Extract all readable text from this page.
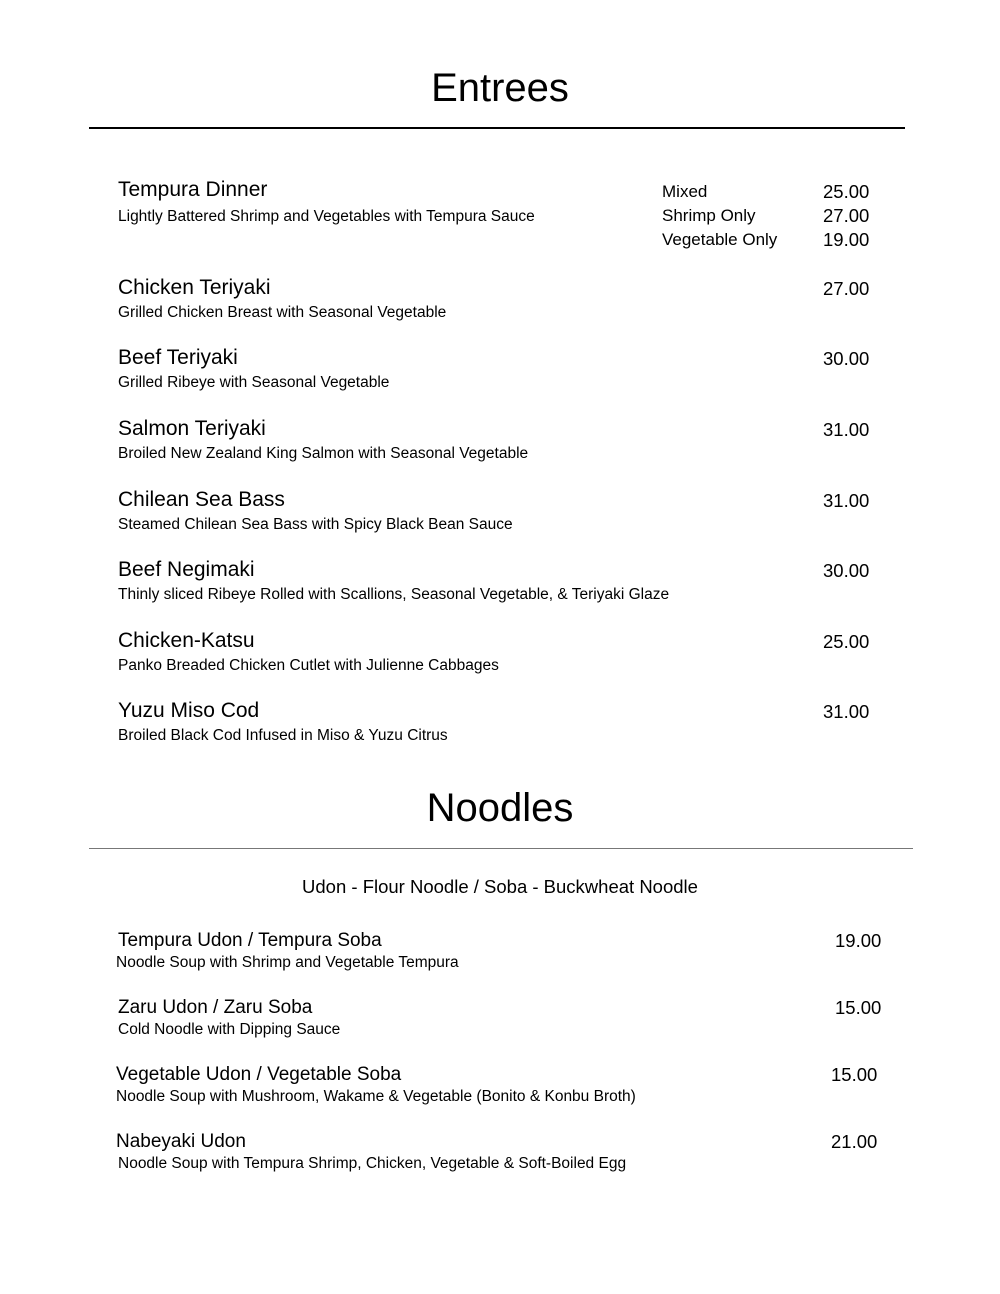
Entrees
Tempura Dinner
Lightly Battered Shrimp and Vegetables with Tempura Sauce
Mixed	25.00
Shrimp Only	27.00
Vegetable Only 19.00
Chicken Teriyaki
Grilled Chicken Breast with Seasonal Vegetable
27.00
Beef Teriyaki
Grilled Ribeye with Seasonal Vegetable
30.00
Salmon Teriyaki
Broiled New Zealand King Salmon with Seasonal Vegetable
31.00
Chilean Sea Bass
Steamed Chilean Sea Bass with Spicy Black Bean Sauce
31.00
Beef Negimaki
Thinly sliced Ribeye Rolled with Scallions, Seasonal Vegetable, & Teriyaki Glaze
30.00
Chicken-Katsu
Panko Breaded Chicken Cutlet with Julienne Cabbages
25.00
Yuzu Miso Cod
Broiled Black Cod Infused in Miso & Yuzu Citrus
31.00
Noodles
Udon - Flour Noodle / Soba - Buckwheat Noodle
Tempura Udon / Tempura Soba
Noodle Soup with Shrimp and Vegetable Tempura
19.00
Zaru Udon / Zaru Soba
Cold Noodle with Dipping Sauce
15.00
Vegetable Udon / Vegetable Soba
Noodle Soup with Mushroom, Wakame & Vegetable (Bonito & Konbu Broth)
15.00
Nabeyaki Udon
Noodle Soup with Tempura Shrimp, Chicken, Vegetable & Soft-Boiled Egg
21.00
